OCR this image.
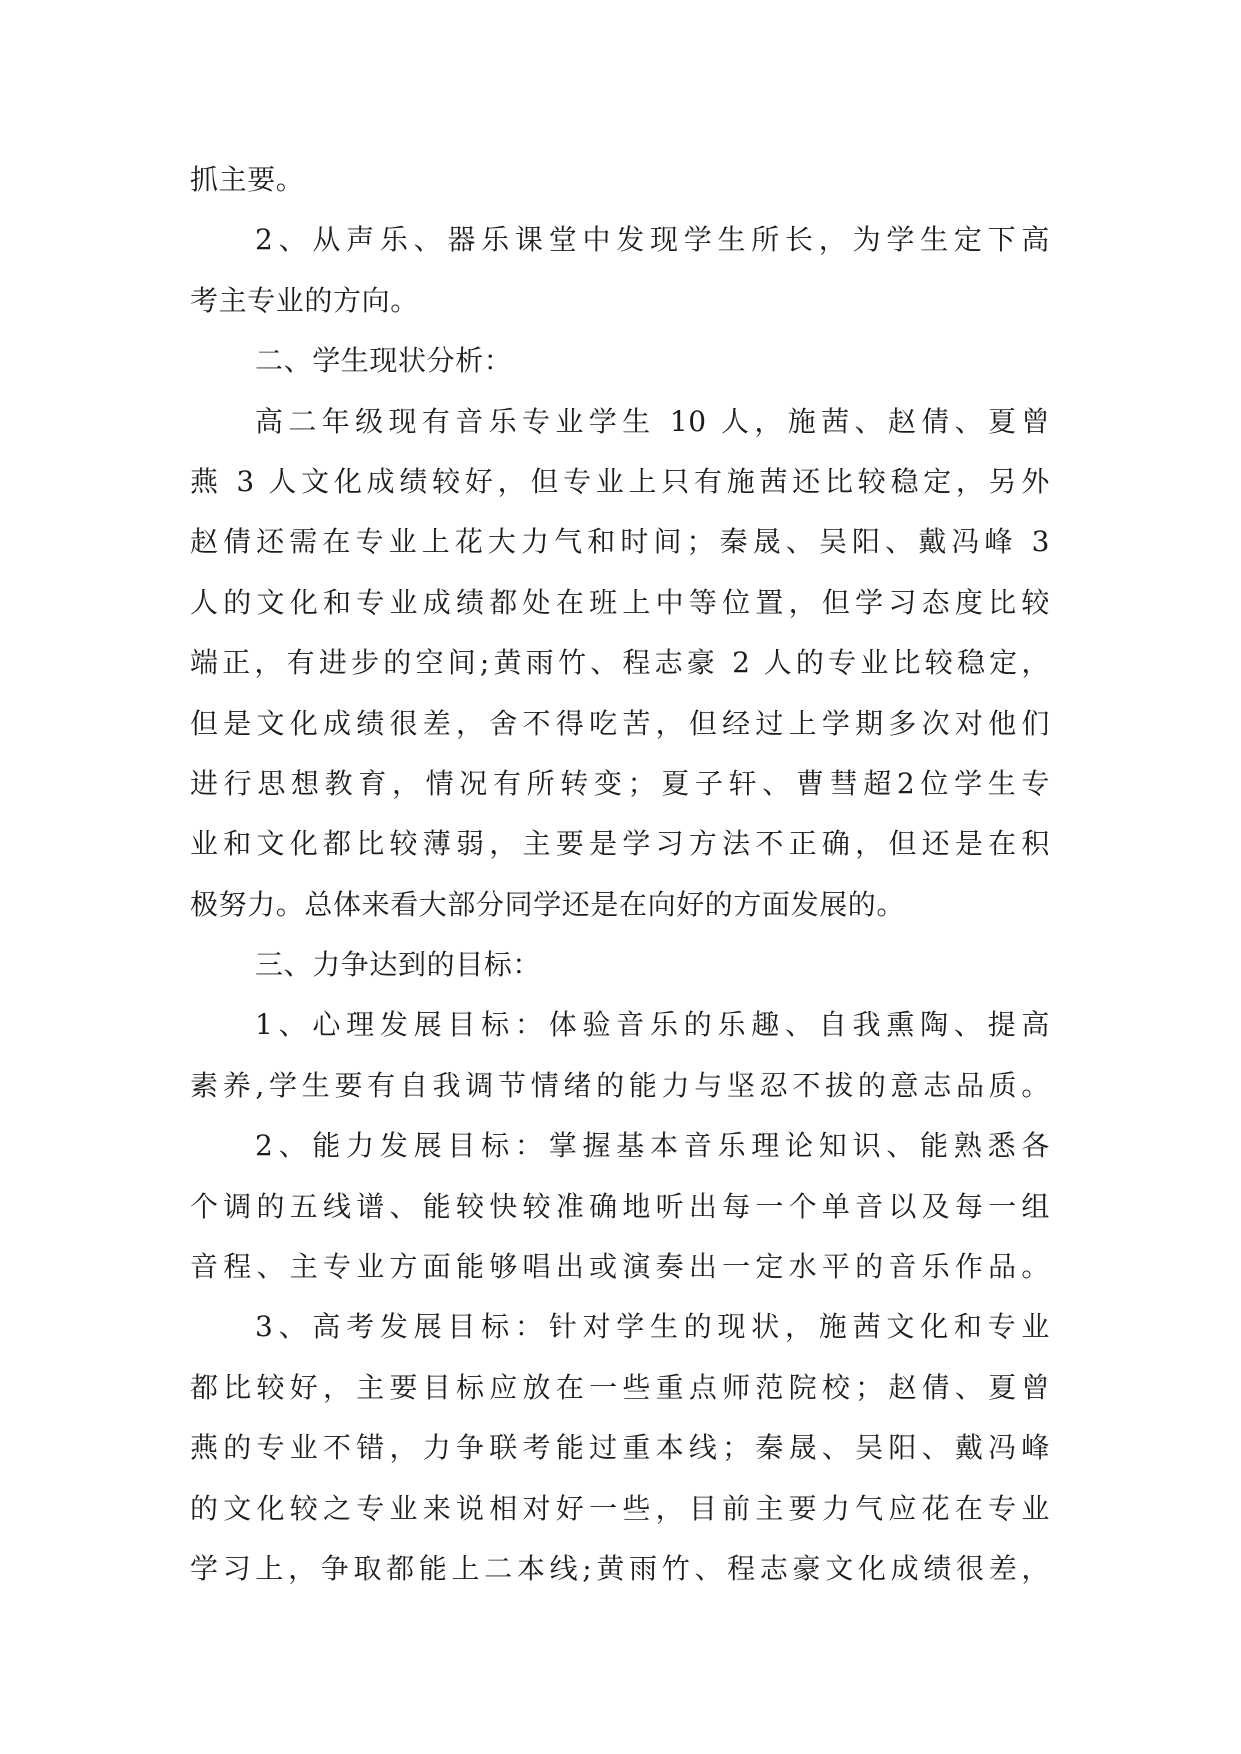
抓主要。
2、从声乐、器乐课堂中发现学生所长，为学生定下高
考主专业的方向。
二、学生现状分析：
高二年级现有音乐专业学生 10 人，施茜、赵倩、夏曾
燕 3 人文化成绩较好，但专业上只有施茜还比较稳定，另外
赵倩还需在专业上花大力气和时间；秦晟、吴阳、戴冯峰 3
人的文化和专业成绩都处在班上中等位置，但学习态度比较
端正，有进步的空间;黄雨竹、程志豪 2 人的专业比较稳定，
但是文化成绩很差，舍不得吃苦，但经过上学期多次对他们
进行思想教育，情况有所转变；夏子轩、曹彗超2位学生专
业和文化都比较薄弱，主要是学习方法不正确，但还是在积
极努力。总体来看大部分同学还是在向好的方面发展的。
三、力争达到的目标：
1、心理发展目标：体验音乐的乐趣、自我熏陶、提高
素养,学生要有自我调节情绪的能力与坚忍不拔的意志品质。
2、能力发展目标：掌握基本音乐理论知识、能熟悉各
个调的五线谱、能较快较准确地听出每一个单音以及每一组
音程、主专业方面能够唱出或演奏出一定水平的音乐作品。
3、高考发展目标：针对学生的现状，施茜文化和专业
都比较好，主要目标应放在一些重点师范院校；赵倩、夏曾
燕的专业不错，力争联考能过重本线；秦晟、吴阳、戴冯峰
的文化较之专业来说相对好一些，目前主要力气应花在专业
学习上，争取都能上二本线;黄雨竹、程志豪文化成绩很差，
